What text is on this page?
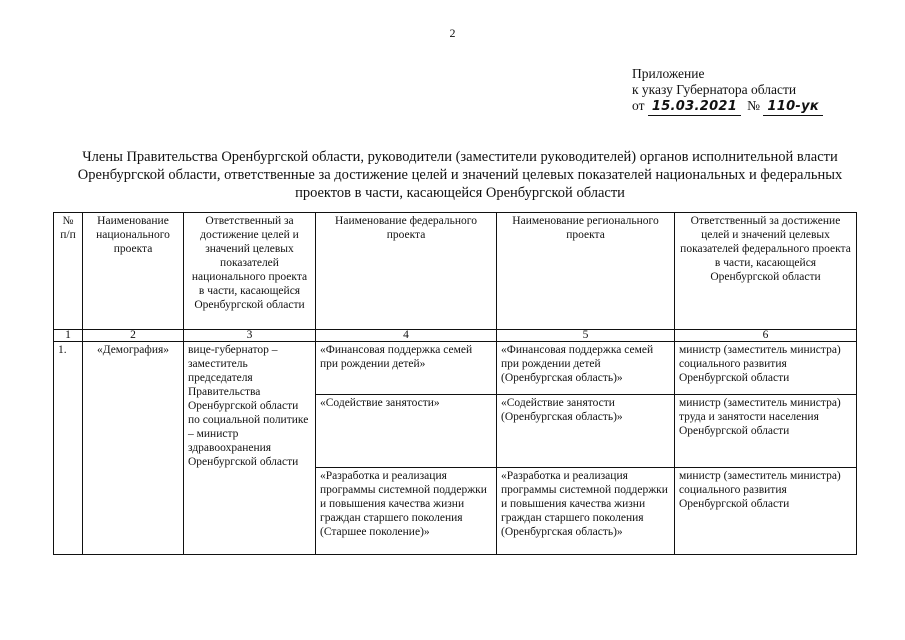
2
Приложение
к указу Губернатора области
от
15.03.2021 №
110-ук
Члены Правительства Оренбургской области, руководители (заместители руководителей) органов исполнительной власти Оренбургской области, ответственные за достижение целей и значений целевых показателей национальных и федеральных проектов в части, касающейся Оренбургской области
№ п/п	Наименование национального проекта	Ответственный за достижение целей и значений целевых показателей национального проекта в части, касающейся Оренбургской области	Наименование федерального проекта	Наименование регионального проекта	Ответственный за достижение целей и значений целевых показателей федерального проекта в части, касающейся Оренбургской области
1	2	3	4	5	6
1.	«Демография»	вице-губернатор – заместитель председателя Правительства Оренбургской области по социальной политике – министр здравоохранения Оренбургской области	«Финансовая поддержка семей при рождении детей»	«Финансовая поддержка семей при рождении детей (Оренбургская область)»	министр (заместитель министра) социального развития Оренбургской области
			«Содействие занятости»	«Содействие занятости (Оренбургская область)»	министр (заместитель министра) труда и занятости населения Оренбургской области
			«Разработка и реализация программы системной поддержки и повышения качества жизни граждан старшего поколения (Старшее поколение)»	«Разработка и реализация программы системной поддержки и повышения качества жизни граждан старшего поколения (Оренбургская область)»	министр (заместитель министра) социального развития Оренбургской области
